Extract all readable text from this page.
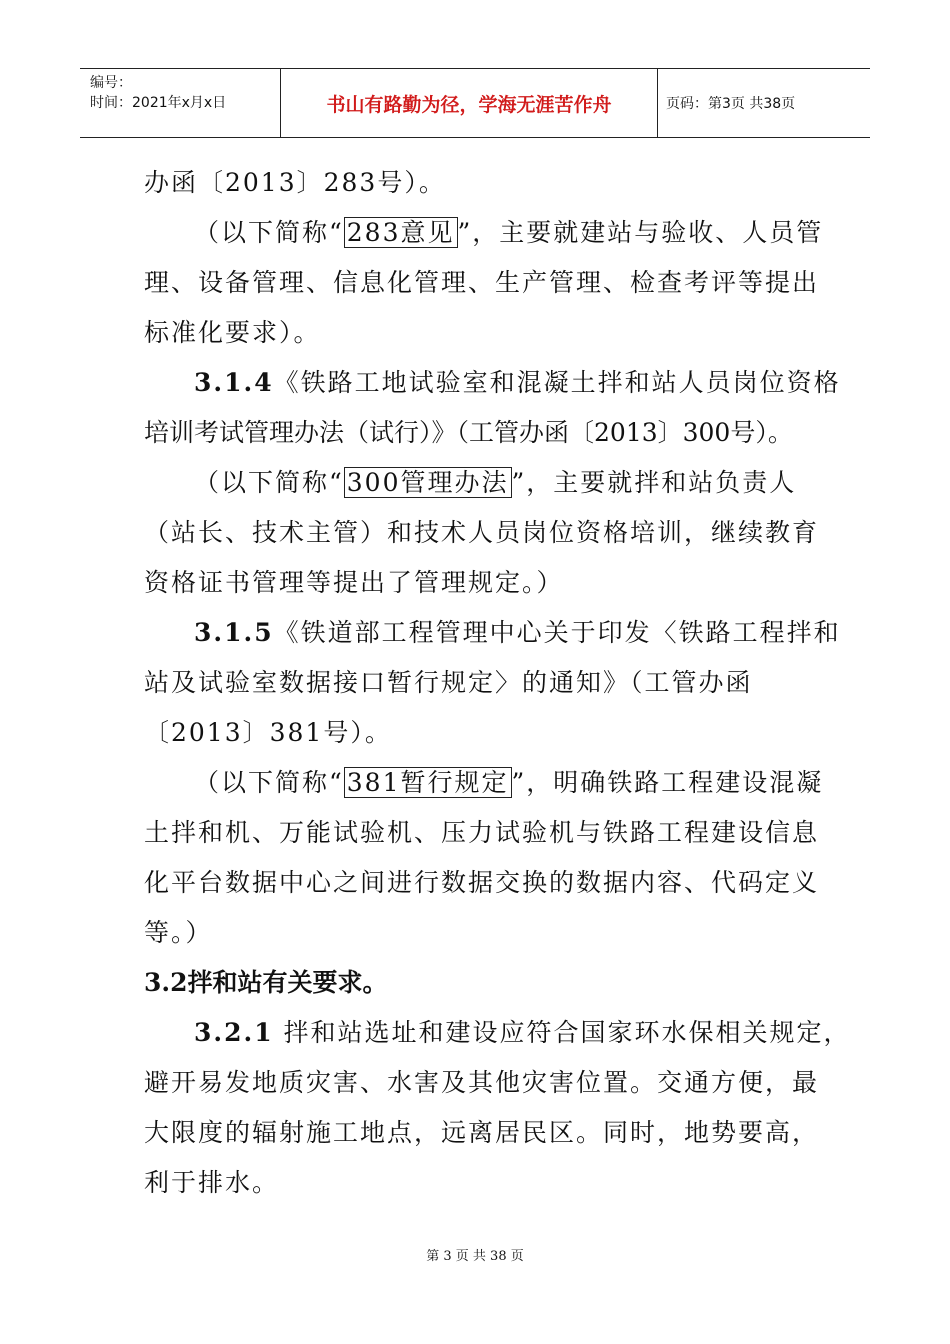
编号：
时间：2021年x月x日	书山有路勤为径，学海无涯苦作舟	页码：第3页 共38页
办函〔2013〕283号）。
（以下简称“ 283意见 ”，主要就建站与验收、人员管
理、设备管理、信息化管理、生产管理、检查考评等提出
标准化要求）。
3.1.4《铁路工地试验室和混凝土拌和站人员岗位资格
培训考试管理办法（试行）》（工管办函〔2013〕300号）。
（以下简称“ 300管理办法 ”，主要就拌和站负责人
（站长、技术主管）和技术人员岗位资格培训，继续教育
资格证书管理等提出了管理规定。）
3.1.5《铁道部工程管理中心关于印发〈铁路工程拌和
站及试验室数据接口暂行规定〉的通知》（工管办函
〔2013〕381号）。
（以下简称“ 381暂行规定 ”，明确铁路工程建设混凝
土拌和机、万能试验机、压力试验机与铁路工程建设信息
化平台数据中心之间进行数据交换的数据内容、代码定义
等。）
3.2拌和站有关要求。
3.2.1 拌和站选址和建设应符合国家环水保相关规定，
避开易发地质灾害、水害及其他灾害位置。交通方便，最
大限度的辐射施工地点，远离居民区。同时，地势要高，
利于排水。
第 3 页 共 38 页
